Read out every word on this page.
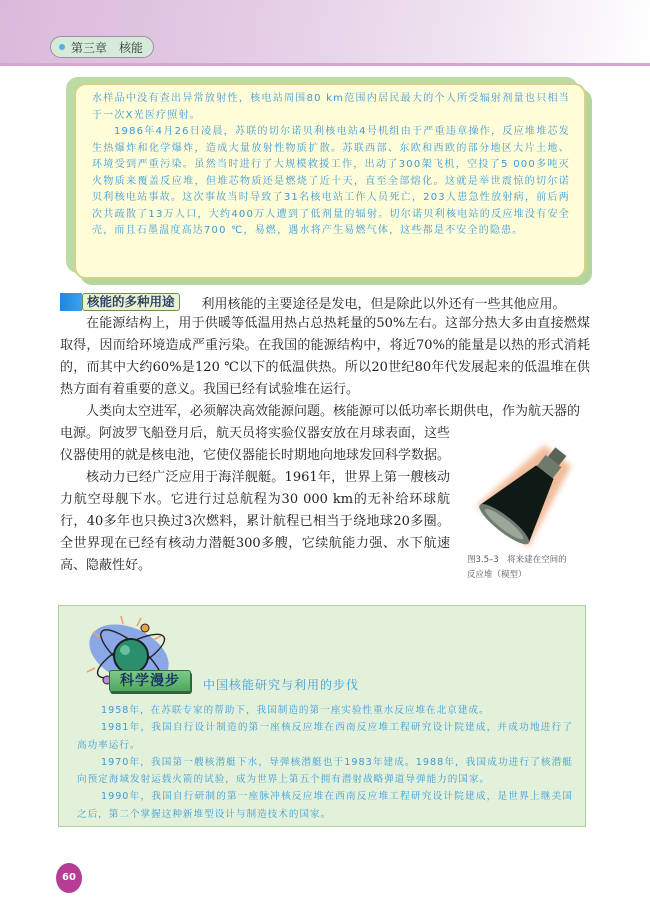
第三章　核能

水样品中没有查出异常放射性，核电站周围80 km范围内居民最大的个人所受辐射剂量也只相当于一次X光医疗照射。

1986年4月26日凌晨，苏联的切尔诺贝利核电站4号机组由于严重违章操作，反应堆堆芯发生热爆炸和化学爆炸，造成大量放射性物质扩散。苏联西部、东欧和西欧的部分地区大片土地、环境受到严重污染。虽然当时进行了大规模救援工作，出动了300架飞机，空投了5 000多吨灭火物质来覆盖反应堆，但堆芯物质还是燃烧了近十天，直至全部熔化。这就是举世震惊的切尔诺贝利核电站事故。这次事故当时导致了31名核电站工作人员死亡，203人患急性放射病，前后两次共疏散了13万人口，大约400万人遭到了低剂量的辐射。切尔诺贝利核电站的反应堆没有安全壳，而且石墨温度高达700 ℃，易燃，遇水将产生易燃气体，这些都是不安全的隐患。

核能的多种用途	利用核能的主要途径是发电，但是除此以外还有一些其他应用。

在能源结构上，用于供暖等低温用热占总热耗量的50%左右。这部分热大多由直接燃煤取得，因而给环境造成严重污染。在我国的能源结构中，将近70%的能量是以热的形式消耗的，而其中大约60%是120 ℃以下的低温供热。所以20世纪80年代发展起来的低温堆在供热方面有着重要的意义。我国已经有试验堆在运行。

人类向太空进军，必须解决高效能源问题。核能源可以低功率长期供电，作为航天器的

电源。阿波罗飞船登月后，航天员将实验仪器安放在月球表面，这些仪器使用的就是核电池，它使仪器能长时期地向地球发回科学数据。

核动力已经广泛应用于海洋舰艇。1961年，世界上第一艘核动力航空母舰下水。它进行过总航程为30 000 km的无补给环球航行，40多年也只换过3次燃料，累计航程已相当于绕地球20多圈。全世界现在已经有核动力潜艇300多艘，它续航能力强、水下航速高、隐蔽性好。	图3.5–3　将来建在空间的
反应堆（模型）
科学漫步	中国核能研究与利用的步伐

1958年，在苏联专家的帮助下，我国制造的第一座实验性重水反应堆在北京建成。

1981年，我国自行设计制造的第一座核反应堆在西南反应堆工程研究设计院建成，并成功地进行了高功率运行。

1970年，我国第一艘核潜艇下水，导弹核潜艇也于1983年建成。1988年，我国成功进行了核潜艇向预定海域发射运载火箭的试验，成为世界上第五个拥有潜射战略弹道导弹能力的国家。

1990年，我国自行研制的第一座脉冲核反应堆在西南反应堆工程研究设计院建成，是世界上继美国之后，第二个掌握这种新堆型设计与制造技术的国家。

60
